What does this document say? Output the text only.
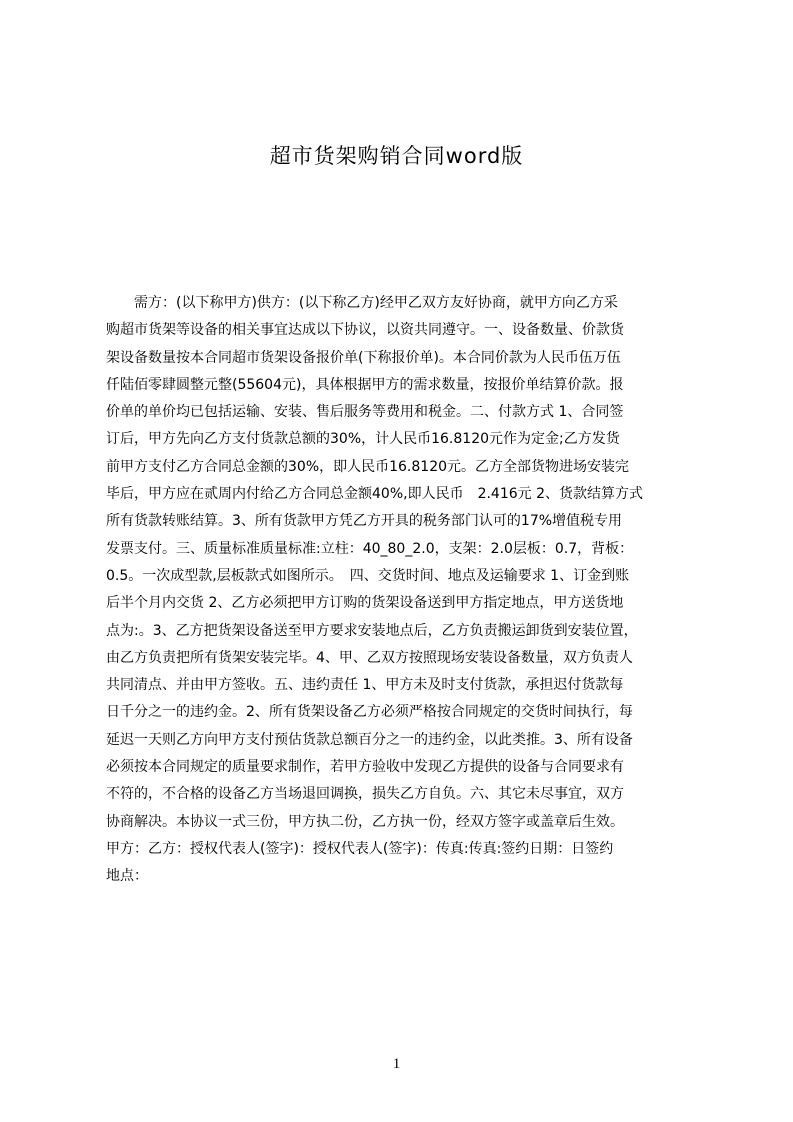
超市货架购销合同word版
　　需方：(以下称甲方)供方：(以下称乙方)经甲乙双方友好协商，就甲方向乙方采
购超市货架等设备的相关事宜达成以下协议，以资共同遵守。一、设备数量、价款货
架设备数量按本合同超市货架设备报价单(下称报价单)。本合同价款为人民币伍万伍
仟陆佰零肆圆整元整(55604元)，具体根据甲方的需求数量，按报价单结算价款。报
价单的单价均已包括运输、安装、售后服务等费用和税金。二、付款方式 1、合同签
订后，甲方先向乙方支付货款总额的30%，计人民币16.8120元作为定金;乙方发货
前甲方支付乙方合同总金额的30%，即人民币16.8120元。乙方全部货物进场安装完
毕后，甲方应在贰周内付给乙方合同总金额40%,即人民币　2.416元 2、货款结算方式
所有货款转账结算。3、所有货款甲方凭乙方开具的税务部门认可的17%增值税专用
发票支付。三、质量标准质量标准:立柱：40_80_2.0，支架：2.0层板：0.7，背板：
0.5。一次成型款,层板款式如图所示。　四、交货时间、地点及运输要求 1、订金到账
后半个月内交货 2、乙方必须把甲方订购的货架设备送到甲方指定地点，甲方送货地
点为:。3、乙方把货架设备送至甲方要求安装地点后，乙方负责搬运卸货到安装位置，
由乙方负责把所有货架安装完毕。4、甲、乙双方按照现场安装设备数量，双方负责人
共同清点、并由甲方签收。五、违约责任 1、甲方未及时支付货款，承担迟付货款每
日千分之一的违约金。2、所有货架设备乙方必须严格按合同规定的交货时间执行，每
延迟一天则乙方向甲方支付预估货款总额百分之一的违约金，以此类推。3、所有设备
必须按本合同规定的质量要求制作，若甲方验收中发现乙方提供的设备与合同要求有
不符的，不合格的设备乙方当场退回调换，损失乙方自负。六、其它未尽事宜，双方
协商解决。本协议一式三份，甲方执二份，乙方执一份，经双方签字或盖章后生效。
甲方：乙方：授权代表人(签字)：授权代表人(签字)：传真:传真:签约日期：日签约
地点：
1
